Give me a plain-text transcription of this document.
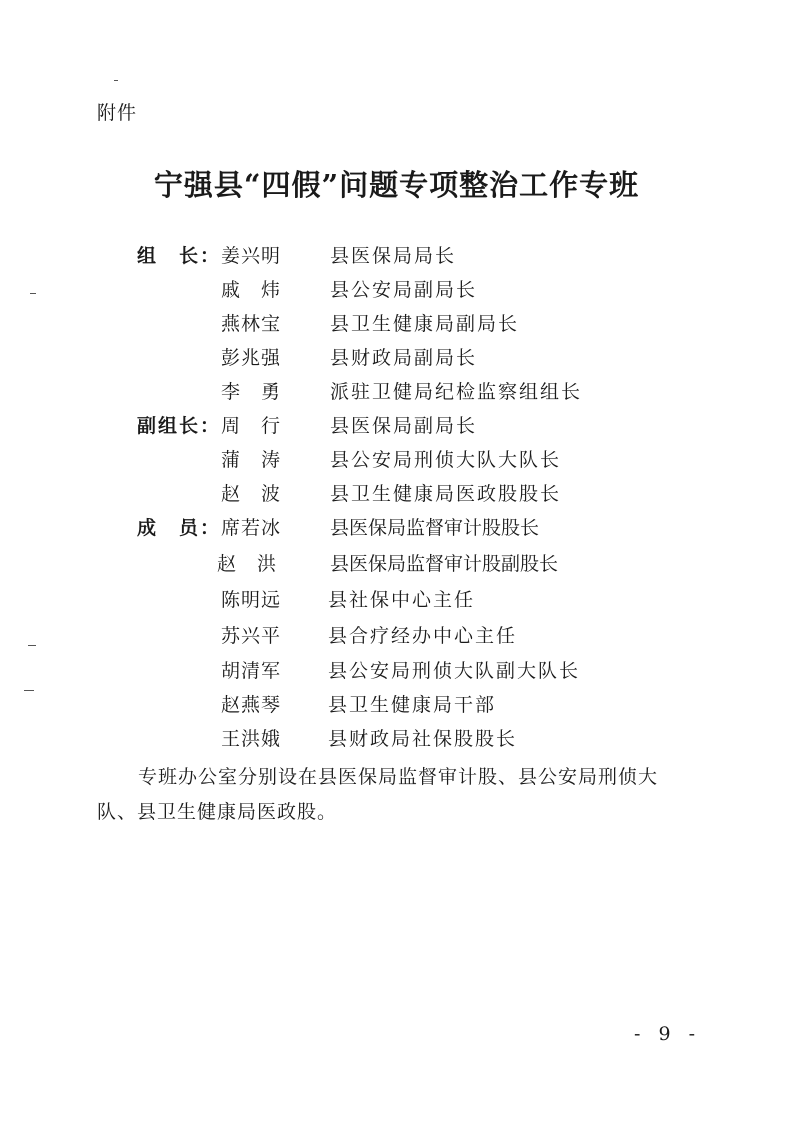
附件
宁强县“四假”问题专项整治工作专班
组　长： 姜兴明	县医保局局长
戚　炜	县公安局副局长
燕林宝	县卫生健康局副局长
彭兆强	县财政局副局长
李　勇	派驻卫健局纪检监察组组长
副组长： 周　行	县医保局副局长
蒲　涛	县公安局刑侦大队大队长
赵　波	县卫生健康局医政股股长
成　员： 席若冰	县医保局监督审计股股长
赵　洪	县医保局监督审计股副股长
陈明远 县社保中心主任
苏兴平 县合疗经办中心主任
胡清军 县公安局刑侦大队副大队长
赵燕琴 县卫生健康局干部
王洪娥 县财政局社保股股长
专班办公室分别设在县医保局监督审计股、县公安局刑侦大队、县卫生健康局医政股。
- 9 -
